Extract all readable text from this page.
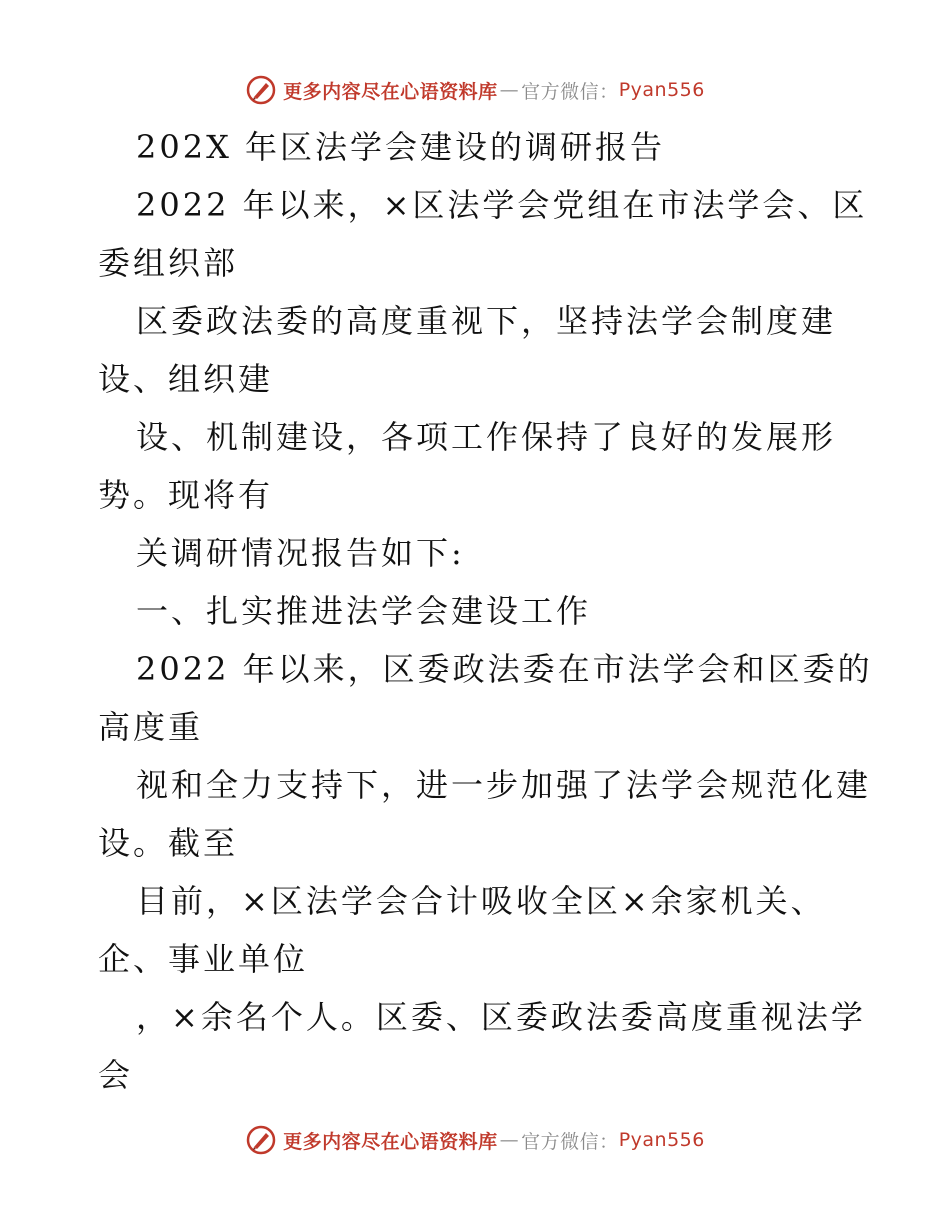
更多内容尽在心语资料库 — 官方微信： Pyan556
202X 年区法学会建设的调研报告
2022 年以来，×区法学会党组在市法学会、区
委组织部
区委政法委的高度重视下，坚持法学会制度建
设、组织建
设、机制建设，各项工作保持了良好的发展形
势。现将有
关调研情况报告如下:
一、扎实推进法学会建设工作
2022 年以来，区委政法委在市法学会和区委的
高度重
视和全力支持下，进一步加强了法学会规范化建
设。截至
目前，×区法学会合计吸收全区×余家机关、
企、事业单位
，×余名个人。区委、区委政法委高度重视法学
会
更多内容尽在心语资料库 — 官方微信： Pyan556
